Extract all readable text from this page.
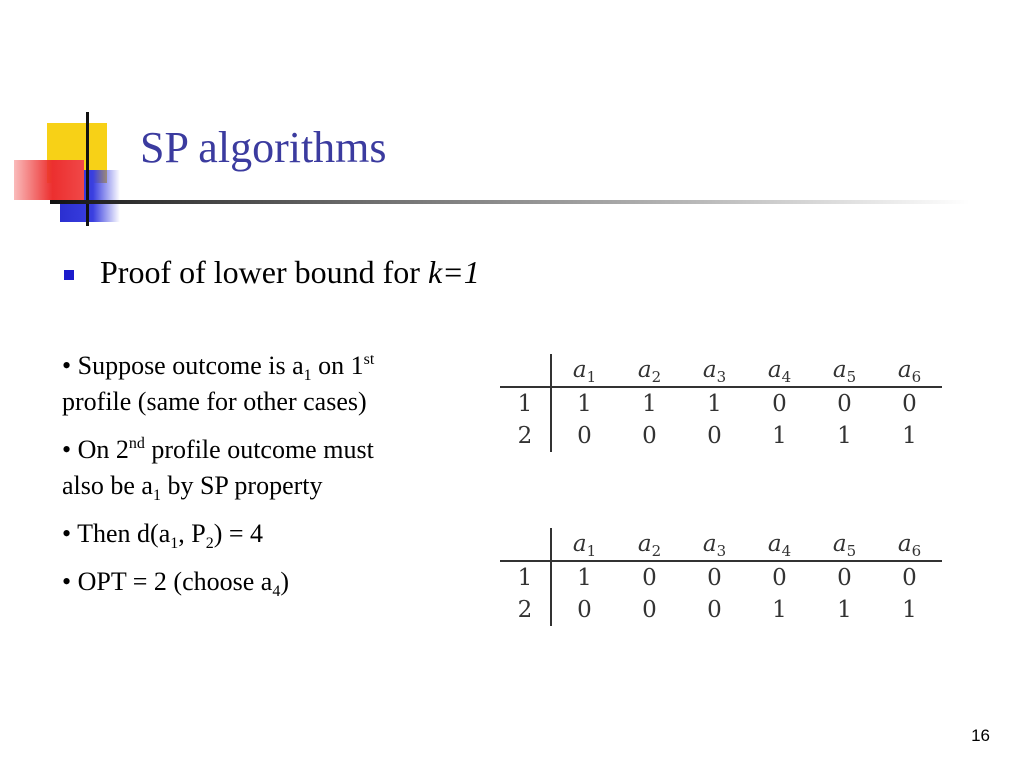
SP algorithms
Proof of lower bound for k=1

• Suppose outcome is $a_1$ on 1st
profile (same for other cases)

• On 2nd profile outcome must
also be $a_1$ by SP property

• Then $d(a_1$, $P_2) = 4$

• OPT = 2 (choose $a_4$)

	$a_1$	$a_2$	$a_3$	$a_4$	$a_5$	$a_6$
1	1	1	1	0	0	0
2	0	0	0	1	1	1
	$a_1$	$a_2$	$a_3$	$a_4$	$a_5$	$a_6$
1	1	0	0	0	0	0
2	0	0	0	1	1	1
16
